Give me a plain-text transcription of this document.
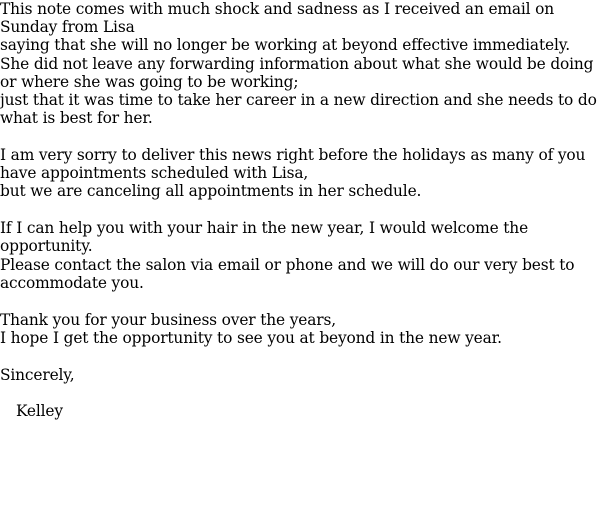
This note comes with much shock and sadness as I received an email on Sunday from Lisa
saying that she will no longer be working at beyond effective immediately.
She did not leave any forwarding information about what she would be doing or where she was going to be working;
just that it was time to take her career in a new direction and she needs to do what is best for her.
I am very sorry to deliver this news right before the holidays as many of you have appointments scheduled with Lisa,
but we are canceling all appointments in her schedule.
If I can help you with your hair in the new year, I would welcome the opportunity.
Please contact the salon via email or phone and we will do our very best to accommodate you.
Thank you for your business over the years,
I hope I get the opportunity to see you at beyond in the new year.
Sincerely,
Kelley
